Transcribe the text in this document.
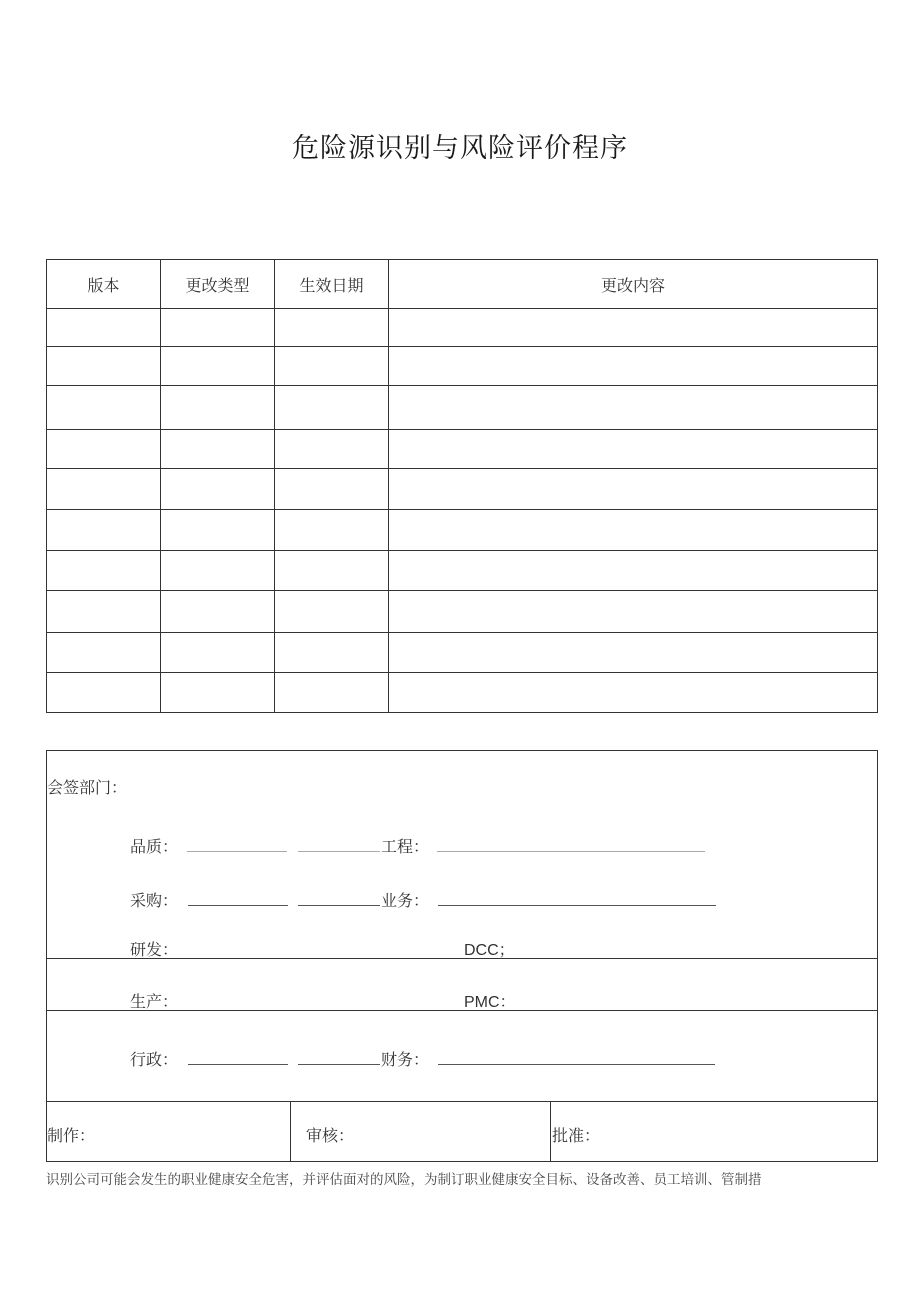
危险源识别与风险评价程序
版本	更改类型	生效日期	更改内容

会签部门：
品质：	工程：
采购：	业务：
研发：	DCC；
生产：	PMC：
行政：	财务：
制作：	审核：	批准：
识别公司可能会发生的职业健康安全危害，并评估面对的风险，为制订职业健康安全目标、设备改善、员工培训、管制措
